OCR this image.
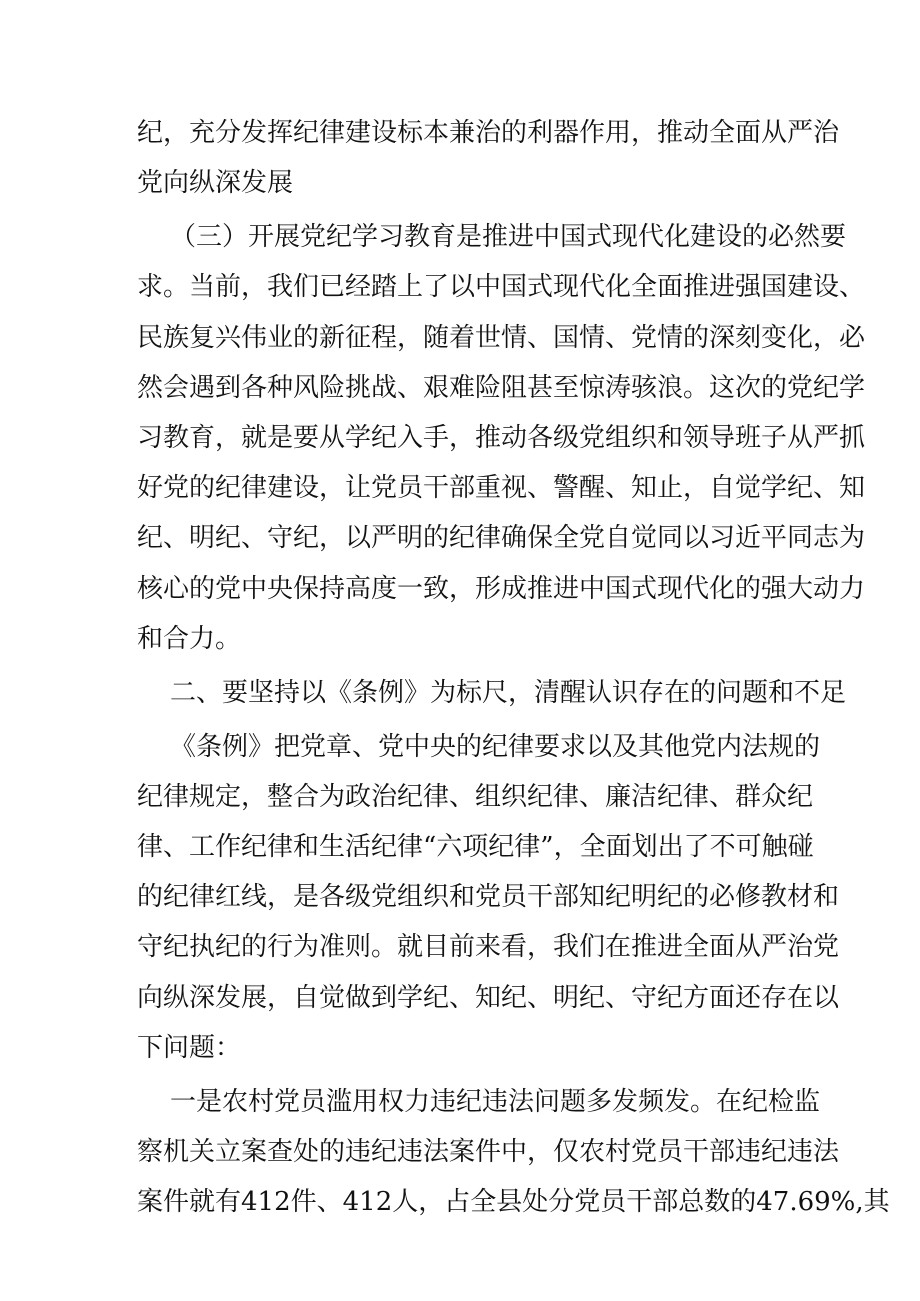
纪，充分发挥纪律建设标本兼治的利器作用，推动全面从严治
党向纵深发展
（三）开展党纪学习教育是推进中国式现代化建设的必然要
求。当前，我们已经踏上了以中国式现代化全面推进强国建设、
民族复兴伟业的新征程，随着世情、国情、党情的深刻变化，必
然会遇到各种风险挑战、艰难险阻甚至惊涛骇浪。这次的党纪学
习教育，就是要从学纪入手，推动各级党组织和领导班子从严抓
好党的纪律建设，让党员干部重视、警醒、知止，自觉学纪、知
纪、明纪、守纪，以严明的纪律确保全党自觉同以习近平同志为
核心的党中央保持高度一致，形成推进中国式现代化的强大动力
和合力。
二、要坚持以《条例》为标尺，清醒认识存在的问题和不足
《条例》把党章、党中央的纪律要求以及其他党内法规的
纪律规定，整合为政治纪律、组织纪律、廉洁纪律、群众纪
律、工作纪律和生活纪律“六项纪律”，全面划出了不可触碰
的纪律红线，是各级党组织和党员干部知纪明纪的必修教材和
守纪执纪的行为准则。就目前来看，我们在推进全面从严治党
向纵深发展，自觉做到学纪、知纪、明纪、守纪方面还存在以
下问题：
一是农村党员滥用权力违纪违法问题多发频发。在纪检监
察机关立案查处的违纪违法案件中，仅农村党员干部违纪违法
案件就有412件、412人，占全县处分党员干部总数的47.69%,其
